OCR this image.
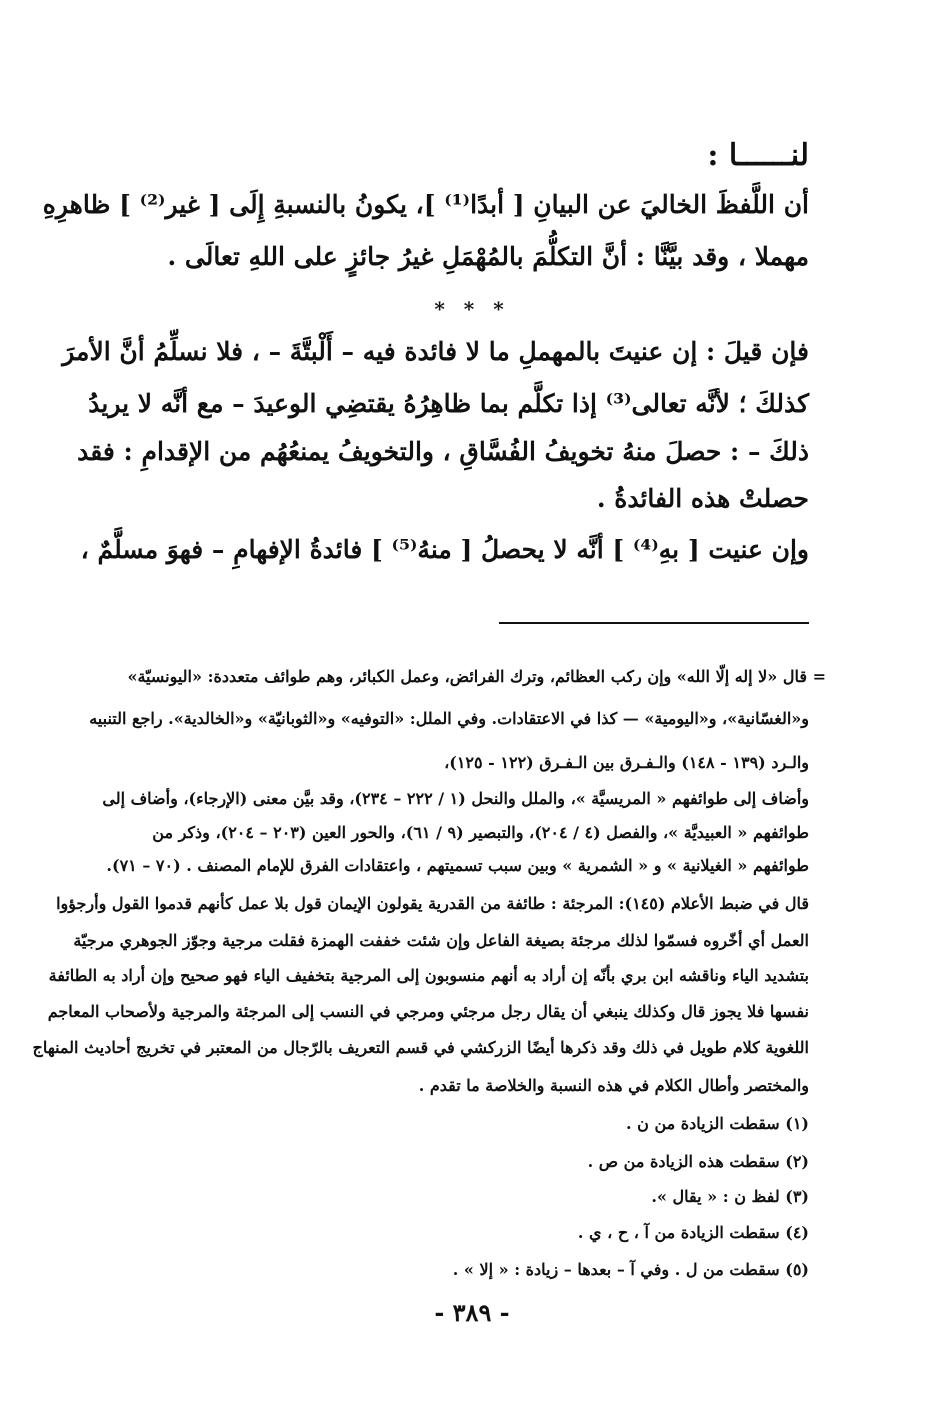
لنــــــا :
أن اللَّفظَ الخاليَ عن البيانِ [ أبدًا⁽¹⁾ ]، يكونُ بالنسبةِ إِلَى [ غير⁽²⁾ ] ظاهرِهِ
مهملا ، وقد بيَّنَّا : أنَّ التكلُّمَ بالمُهْمَلِ غيرُ جائزٍ على اللهِ تعالَى .
* * *
فإن قيلَ : إن عنيتَ بالمهملِ ما لا فائدة فيه – أَلْبتَّةَ – ، فلا نسلِّمُ أنَّ الأمرَ
كذلكَ ؛ لأنَّه تعالى⁽³⁾ إذا تكلَّم بما ظاهِرُهُ يقتضِي الوعيدَ – مع أنَّه لا يريدُ
ذلكَ – : حصلَ منهُ تخويفُ الفُسَّاقِ ، والتخويفُ يمنعُهُم من الإقدامِ : فقد
حصلتْ هذه الفائدةُ .
وإن عنيت [ بهِ⁽⁴⁾ ] أنَّه لا يحصلُ [ منهُ⁽⁵⁾ ] فائدةُ الإفهامِ – فهوَ مسلَّمٌ ،
= قال «لا إله إلّا الله» وإن ركب العظائم، وترك الفرائض، وعمل الكبائر، وهم طوائف متعددة: «اليونسيّة»
و«الغسّانية»، و«اليومية» — كذا في الاعتقادات. وفي الملل: «التوفيه» و«الثوبانيّة» و«الخالدية». راجع التنبيه
والـرد (١٣٩ - ١٤٨) والـفـرق بين الـفـرق (١٢٢ - ١٢٥)،
وأضاف إلى طوائفهم « المريسيَّة »، والملل والنحل (١ / ٢٢٢ – ٢٣٤)، وقد بيَّن معنى (الإرجاء)، وأضاف إلى
طوائفهم « العبيديَّة »، والفصل (٤ / ٢٠٤)، والتبصير (٩ / ٦١)، والحور العين (٢٠٣ – ٢٠٤)، وذكر من
طوائفهم « الغيلانية » و « الشمرية » وبين سبب تسميتهم ، واعتقادات الفرق للإمام المصنف . (٧٠ – ٧١).
قال في ضبط الأعلام (١٤٥): المرجئة : طائفة من القدرية يقولون الإيمان قول بلا عمل كأنهم قدموا القول وأرجؤوا
العمل أي أخّروه فسمّوا لذلك مرجئة بصيغة الفاعل وإن شئت خففت الهمزة فقلت مرجية وجوّز الجوهري مرجيّة
بتشديد الياء وناقشه ابن بري بأنّه إن أراد به أنهم منسوبون إلى المرجية بتخفيف الياء فهو صحيح وإن أراد به الطائفة
نفسها فلا يجوز قال وكذلك ينبغي أن يقال رجل مرجئي ومرجي في النسب إلى المرجئة والمرجية ولأصحاب المعاجم
اللغوية كلام طويل في ذلك وقد ذكرها أيضًا الزركشي في قسم التعريف بالرّجال من المعتبر في تخريج أحاديث المنهاج
والمختصر وأطال الكلام في هذه النسبة والخلاصة ما تقدم .
(١) سقطت الزيادة من ن .
(٢) سقطت هذه الزيادة من ص .
(٣) لفظ ن : « يقال ».
(٤) سقطت الزيادة من آ ، ح ، ي .
(٥) سقطت من ل . وفي آ – بعدها – زيادة : « إلا » .
- ٣٨٩ -
